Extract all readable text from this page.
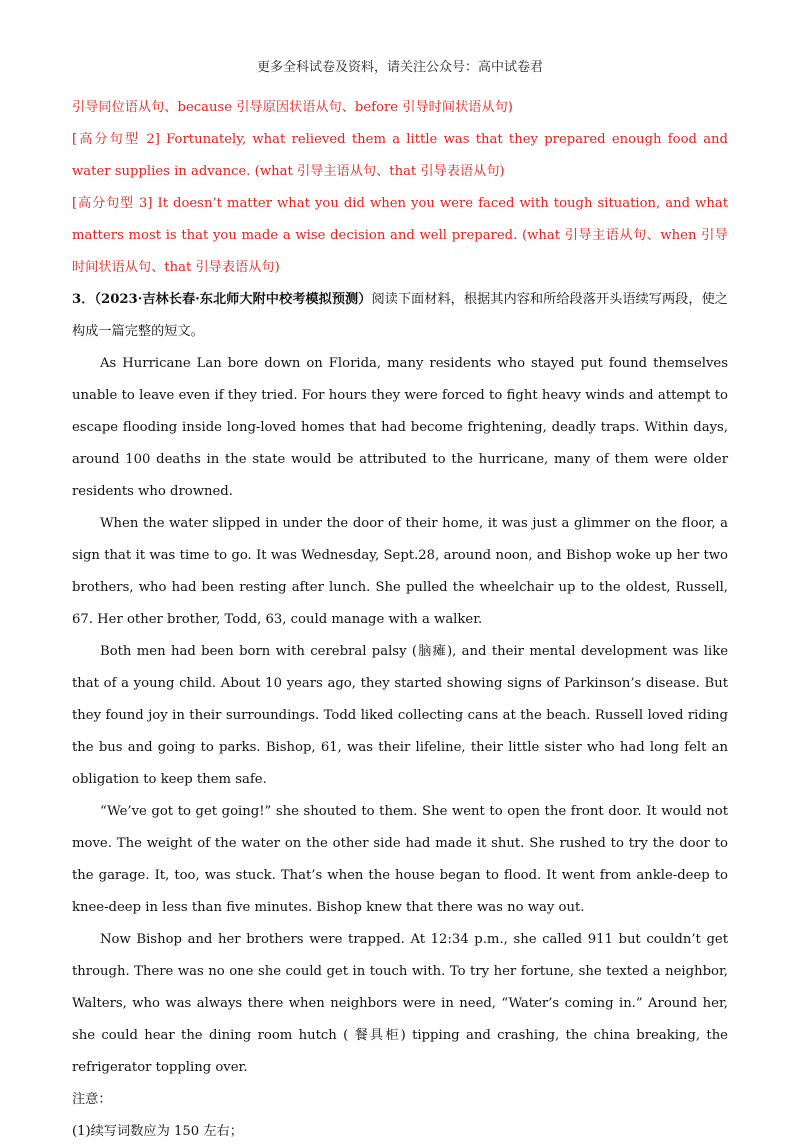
更多全科试卷及资料，请关注公众号：高中试卷君

引导同位语从句、because 引导原因状语从句、before 引导时间状语从句)

[高分句型 2] Fortunately, what relieved them a little was that they prepared enough food and water supplies in advance. (what 引导主语从句、that 引导表语从句)

[高分句型 3] It doesn’t matter what you did when you were faced with tough situation, and what matters most is that you made a wise decision and well prepared. (what 引导主语从句、when 引导时间状语从句、that 引导表语从句)

3．（2023·吉林长春·东北师大附中校考模拟预测）阅读下面材料，根据其内容和所给段落开头语续写两段，使之构成一篇完整的短文。

As Hurricane Lan bore down on Florida, many residents who stayed put found themselves unable to leave even if they tried. For hours they were forced to fight heavy winds and attempt to escape flooding inside long-loved homes that had become frightening, deadly traps. Within days, around 100 deaths in the state would be attributed to the hurricane, many of them were older residents who drowned.

When the water slipped in under the door of their home, it was just a glimmer on the floor, a sign that it was time to go. It was Wednesday, Sept.28, around noon, and Bishop woke up her two brothers, who had been resting after lunch. She pulled the wheelchair up to the oldest, Russell, 67. Her other brother, Todd, 63, could manage with a walker.

Both men had been born with cerebral palsy (脑瘫), and their mental development was like that of a young child. About 10 years ago, they started showing signs of Parkinson’s disease. But they found joy in their surroundings. Todd liked collecting cans at the beach. Russell loved riding the bus and going to parks. Bishop, 61, was their lifeline, their little sister who had long felt an obligation to keep them safe.

“We’ve got to get going!” she shouted to them. She went to open the front door. It would not move. The weight of the water on the other side had made it shut. She rushed to try the door to the garage. It, too, was stuck. That’s when the house began to flood. It went from ankle-deep to knee-deep in less than five minutes. Bishop knew that there was no way out.

Now Bishop and her brothers were trapped. At 12:34 p.m., she called 911 but couldn’t get through. There was no one she could get in touch with. To try her fortune, she texted a neighbor, Walters, who was always there when neighbors were in need, “Water’s coming in.” Around her, she could hear the dining room hutch ( 餐具柜) tipping and crashing, the china breaking, the refrigerator toppling over.

注意：

(1)续写词数应为 150 左右；
